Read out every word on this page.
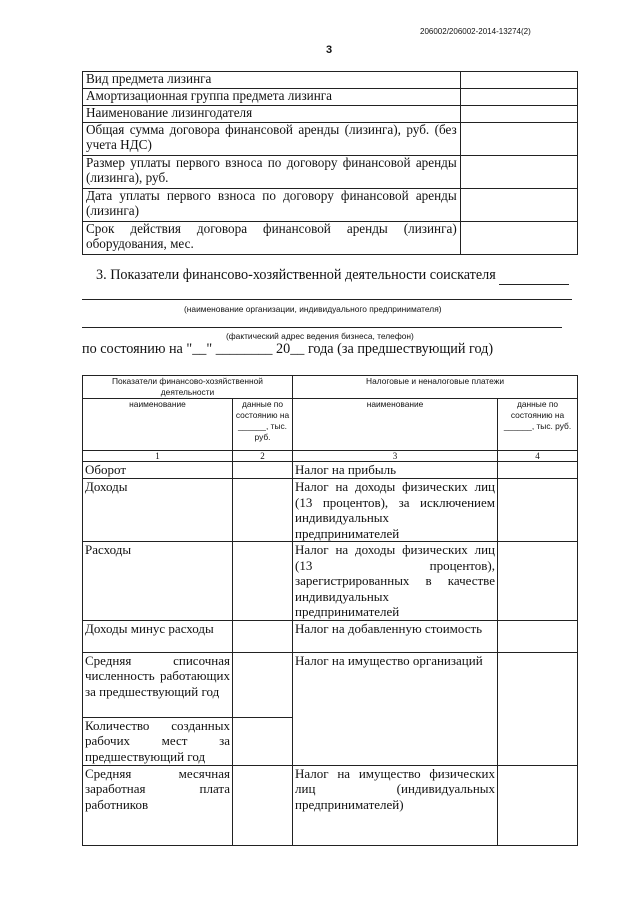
206002/206002-2014-13274(2)
3
Вид предмета лизинга	
Амортизационная группа предмета лизинга	
Наименование лизингодателя	
Общая сумма договора финансовой аренды (лизинга), руб. (без учета НДС)	
Размер уплаты первого взноса по договору финансовой аренды (лизинга), руб.	
Дата уплаты первого взноса по договору финансовой аренды (лизинга)	
Срок действия договора финансовой аренды (лизинга) оборудования, мес.	
3. Показатели финансово-хозяйственной деятельности соискателя
(наименование организации, индивидуального предпринимателя)
(фактический адрес ведения бизнеса, телефон)
по состоянию на "__" ________ 20__ года (за предшествующий год)
Показатели финансово-хозяйственной деятельности		Налоговые и неналоговые платежи	
наименование	данные по состоянию на ______, тыс. руб.	наименование	данные по состоянию на ______, тыс. руб.
1	2	3	4
Оборот		Налог на прибыль	
Доходы		Налог на доходы физических лиц (13 процентов), за исключением индивидуальных предпринимателей	
Расходы		Налог на доходы физических лиц (13 процентов), зарегистрированных в качестве индивидуальных предпринимателей	
Доходы минус расходы		Налог на добавленную стоимость	
Средняя списочная численность работающих за предшествующий год		Налог на имущество организаций	
Количество созданных рабочих мест за предшествующий год			
Средняя месячная заработная плата работников		Налог на имущество физических лиц (индивидуальных предпринимателей)	
